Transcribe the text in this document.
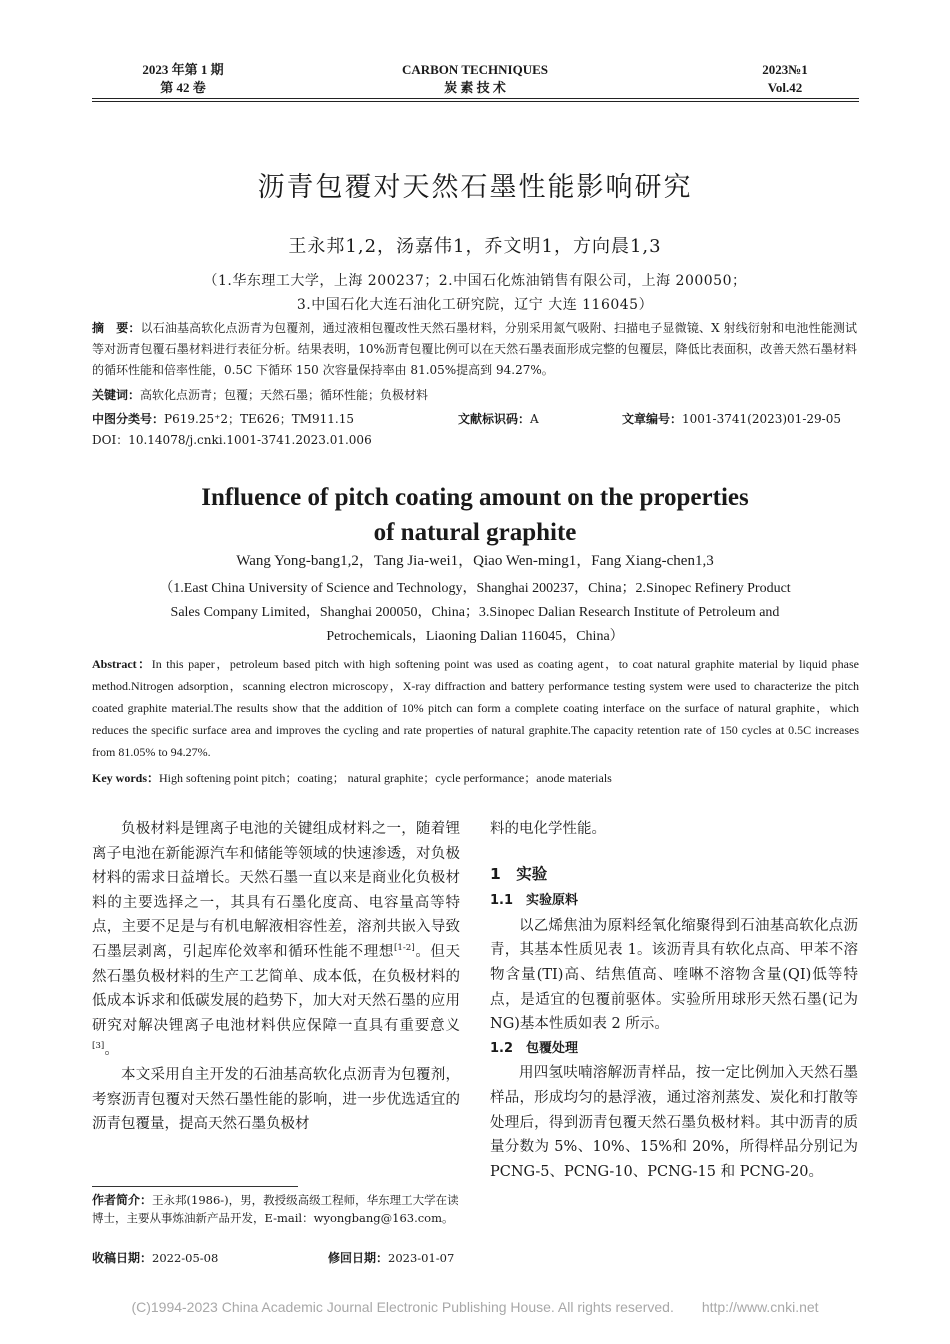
2023 年第 1 期
第 42 卷
CARBON TECHNIQUES
炭 素 技 术
2023№1
Vol.42
沥青包覆对天然石墨性能影响研究
王永邦1,2，汤嘉伟1，乔文明1，方向晨1,3
（1.华东理工大学，上海 200237；2.中国石化炼油销售有限公司，上海 200050；
3.中国石化大连石油化工研究院，辽宁 大连 116045）
摘　要：以石油基高软化点沥青为包覆剂，通过液相包覆改性天然石墨材料，分别采用氮气吸附、扫描电子显微镜、X 射线衍射和电池性能测试等对沥青包覆石墨材料进行表征分析。结果表明，10%沥青包覆比例可以在天然石墨表面形成完整的包覆层，降低比表面积，改善天然石墨材料的循环性能和倍率性能，0.5C 下循环 150 次容量保持率由 81.05%提高到 94.27%。
关键词：高软化点沥青；包覆；天然石墨；循环性能；负极材料
中图分类号：P619.25⁺2；TE626；TM911.15	文献标识码：A	文章编号：1001-3741(2023)01-29-05
DOI：10.14078/j.cnki.1001-3741.2023.01.006
Influence of pitch coating amount on the properties
of natural graphite
Wang Yong-bang1,2，Tang Jia-wei1，Qiao Wen-ming1，Fang Xiang-chen1,3
（1.East China University of Science and Technology，Shanghai 200237，China；2.Sinopec Refinery Product
Sales Company Limited，Shanghai 200050，China；3.Sinopec Dalian Research Institute of Petroleum and
Petrochemicals，Liaoning Dalian 116045，China）
Abstract：In this paper，petroleum based pitch with high softening point was used as coating agent，to coat natural graphite material by liquid phase method.Nitrogen adsorption，scanning electron microscopy，X-ray diffraction and battery performance testing system were used to characterize the pitch coated graphite material.The results show that the addition of 10% pitch can form a complete coating interface on the surface of natural graphite，which reduces the specific surface area and improves the cycling and rate properties of natural graphite.The capacity retention rate of 150 cycles at 0.5C increases from 81.05% to 94.27%.
Key words：High softening point pitch；coating； natural graphite；cycle performance；anode materials

负极材料是锂离子电池的关键组成材料之一，随着锂离子电池在新能源汽车和储能等领域的快速渗透，对负极材料的需求日益增长。天然石墨一直以来是商业化负极材料的主要选择之一，其具有石墨化度高、电容量高等特点，主要不足是与有机电解液相容性差，溶剂共嵌入导致石墨层剥离，引起库伦效率和循环性能不理想[1-2]。但天然石墨负极材料的生产工艺简单、成本低，在负极材料的低成本诉求和低碳发展的趋势下，加大对天然石墨的应用研究对解决锂离子电池材料供应保障一直具有重要意义[3]。

本文采用自主开发的石油基高软化点沥青为包覆剂，考察沥青包覆对天然石墨性能的影响，进一步优选适宜的沥青包覆量，提高天然石墨负极材

作者简介：王永邦(1986-)，男，教授级高级工程师，华东理工大学在读博士，主要从事炼油新产品开发，E-mail：wyongbang@163.com。
收稿日期：2022-05-08	修回日期：2023-01-07

料的电化学性能。

1　实验

1.1　实验原料

以乙烯焦油为原料经氧化缩聚得到石油基高软化点沥青，其基本性质见表 1。该沥青具有软化点高、甲苯不溶物含量(TI)高、结焦值高、喹啉不溶物含量(QI)低等特点，是适宜的包覆前驱体。实验所用球形天然石墨(记为 NG)基本性质如表 2 所示。

1.2　包覆处理

用四氢呋喃溶解沥青样品，按一定比例加入天然石墨样品，形成均匀的悬浮液，通过溶剂蒸发、炭化和打散等处理后，得到沥青包覆天然石墨负极材料。其中沥青的质量分数为 5%、10%、15%和 20%，所得样品分别记为 PCNG-5、PCNG-10、PCNG-15 和 PCNG-20。

(C)1994-2023 China Academic Journal Electronic Publishing House. All rights reserved.　　http://www.cnki.net
